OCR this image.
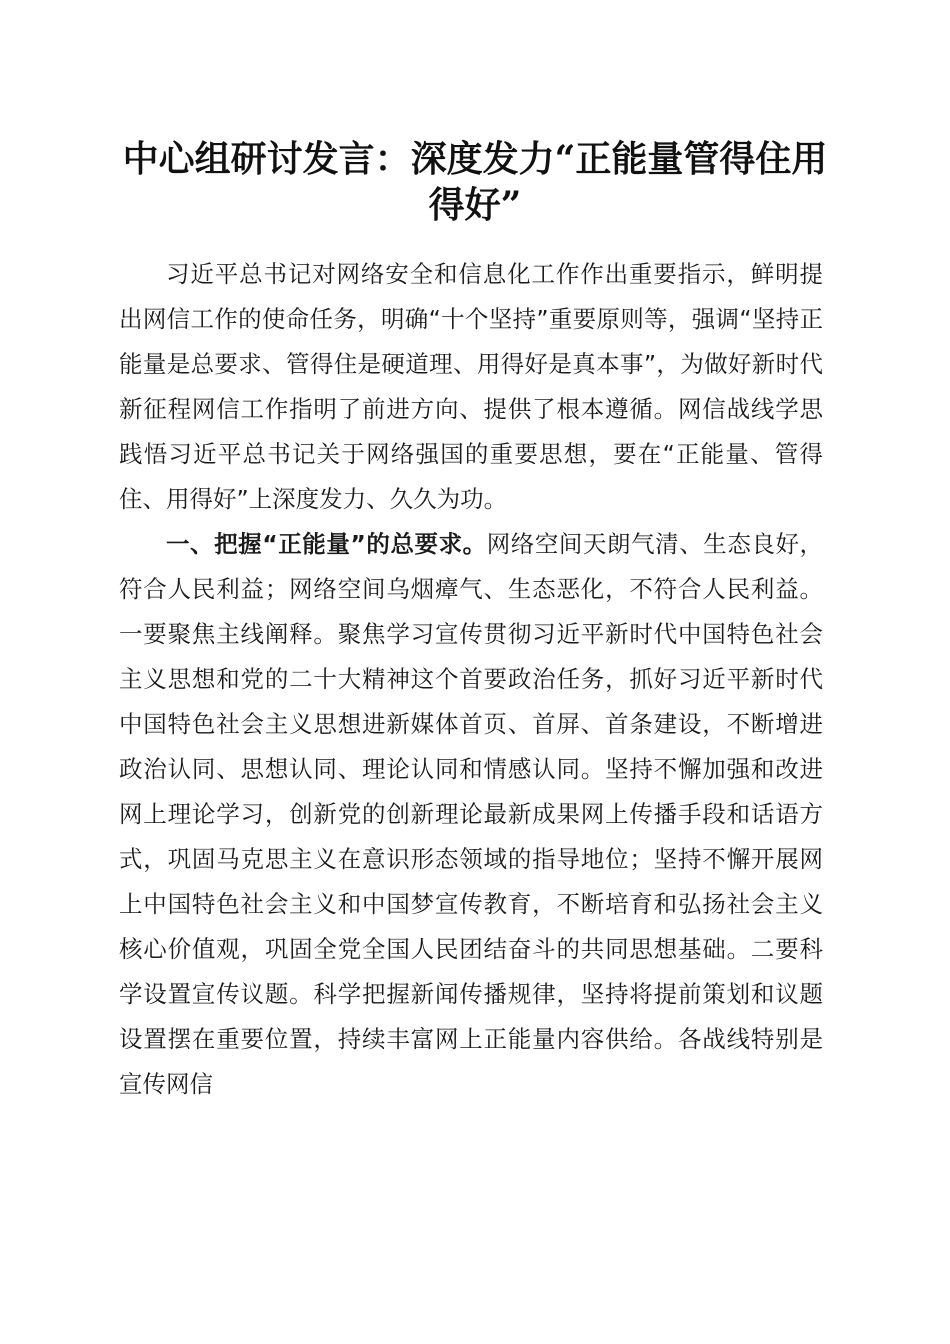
中心组研讨发言：深度发力“正能量管得住用得好”

习近平总书记对网络安全和信息化工作作出重要指示，鲜明提出网信工作的使命任务，明确“十个坚持”重要原则等，强调“坚持正能量是总要求、管得住是硬道理、用得好是真本事”，为做好新时代新征程网信工作指明了前进方向、提供了根本遵循。网信战线学思践悟习近平总书记关于网络强国的重要思想，要在“正能量、管得住、用得好”上深度发力、久久为功。

一、把握“正能量”的总要求。网络空间天朗气清、生态良好，符合人民利益；网络空间乌烟瘴气、生态恶化，不符合人民利益。一要聚焦主线阐释。聚焦学习宣传贯彻习近平新时代中国特色社会主义思想和党的二十大精神这个首要政治任务，抓好习近平新时代中国特色社会主义思想进新媒体首页、首屏、首条建设，不断增进政治认同、思想认同、理论认同和情感认同。坚持不懈加强和改进网上理论学习，创新党的创新理论最新成果网上传播手段和话语方式，巩固马克思主义在意识形态领域的指导地位；坚持不懈开展网上中国特色社会主义和中国梦宣传教育，不断培育和弘扬社会主义核心价值观，巩固全党全国人民团结奋斗的共同思想基础。二要科学设置宣传议题。科学把握新闻传播规律，坚持将提前策划和议题设置摆在重要位置，持续丰富网上正能量内容供给。各战线特别是宣传网信
